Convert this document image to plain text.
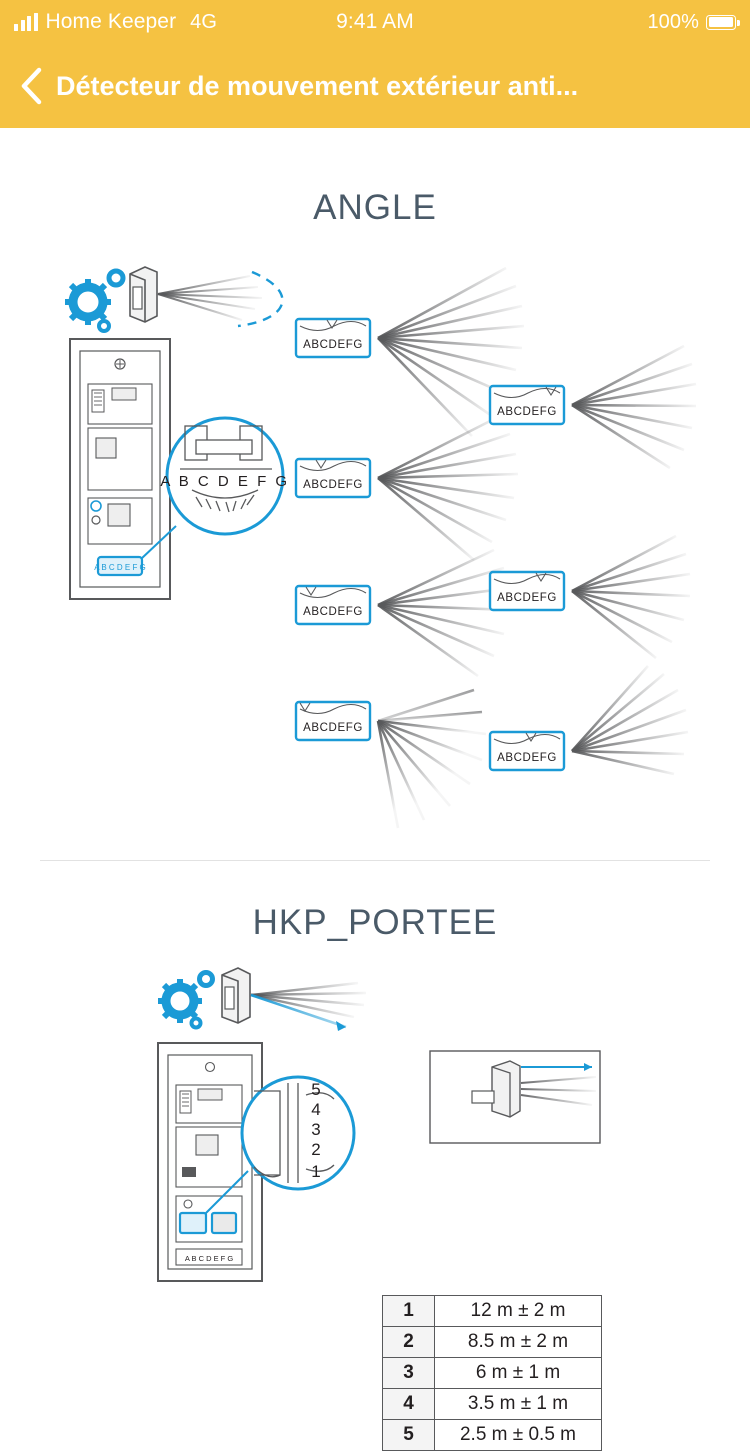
Home Keeper 4G	9:41 AM	100%
Détecteur de mouvement extérieur anti...
ANGLE
A B C D E F G
A B C D E F G
ABCDEFG
ABCDEFG
ABCDEFG
ABCDEFG
ABCDEFG
ABCDEFG
ABCDEFG
HKP_PORTEE
A B C D E F G
5
4
3
2
1
1	12 m ± 2 m
2	8.5 m ± 2 m
3	6 m ± 1 m
4	3.5 m ± 1 m
5	2.5 m ± 0.5 m
